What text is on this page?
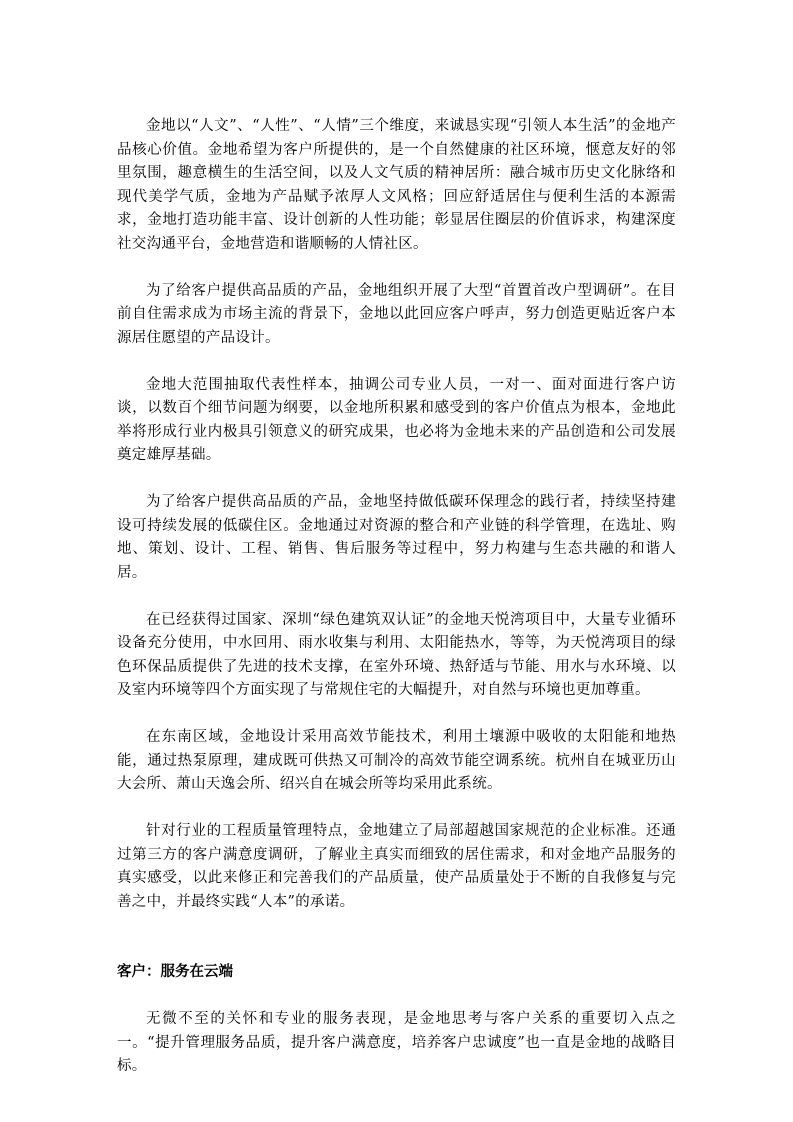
金地以“人文”、“人性”、“人情”三个维度，来诚恳实现“引领人本生活”的金地产品核心价值。金地希望为客户所提供的，是一个自然健康的社区环境，惬意友好的邻里氛围，趣意横生的生活空间，以及人文气质的精神居所：融合城市历史文化脉络和现代美学气质，金地为产品赋予浓厚人文风格；回应舒适居住与便利生活的本源需求，金地打造功能丰富、设计创新的人性功能；彰显居住圈层的价值诉求，构建深度社交沟通平台，金地营造和谐顺畅的人情社区。

为了给客户提供高品质的产品，金地组织开展了大型“首置首改户型调研”。在目前自住需求成为市场主流的背景下，金地以此回应客户呼声，努力创造更贴近客户本源居住愿望的产品设计。

金地大范围抽取代表性样本，抽调公司专业人员，一对一、面对面进行客户访谈，以数百个细节问题为纲要，以金地所积累和感受到的客户价值点为根本，金地此举将形成行业内极具引领意义的研究成果，也必将为金地未来的产品创造和公司发展奠定雄厚基础。

为了给客户提供高品质的产品，金地坚持做低碳环保理念的践行者，持续坚持建设可持续发展的低碳住区。金地通过对资源的整合和产业链的科学管理，在选址、购地、策划、设计、工程、销售、售后服务等过程中，努力构建与生态共融的和谐人居。

在已经获得过国家、深圳“绿色建筑双认证”的金地天悦湾项目中，大量专业循环设备充分使用，中水回用、雨水收集与利用、太阳能热水，等等，为天悦湾项目的绿色环保品质提供了先进的技术支撑，在室外环境、热舒适与节能、用水与水环境、以及室内环境等四个方面实现了与常规住宅的大幅提升，对自然与环境也更加尊重。

在东南区域，金地设计采用高效节能技术，利用土壤源中吸收的太阳能和地热能，通过热泵原理，建成既可供热又可制冷的高效节能空调系统。杭州自在城亚历山大会所、萧山天逸会所、绍兴自在城会所等均采用此系统。

针对行业的工程质量管理特点，金地建立了局部超越国家规范的企业标准。还通过第三方的客户满意度调研，了解业主真实而细致的居住需求，和对金地产品服务的真实感受，以此来修正和完善我们的产品质量，使产品质量处于不断的自我修复与完善之中，并最终实践“人本”的承诺。

客户：服务在云端

无微不至的关怀和专业的服务表现，是金地思考与客户关系的重要切入点之一。“提升管理服务品质，提升客户满意度，培养客户忠诚度”也一直是金地的战略目标。
